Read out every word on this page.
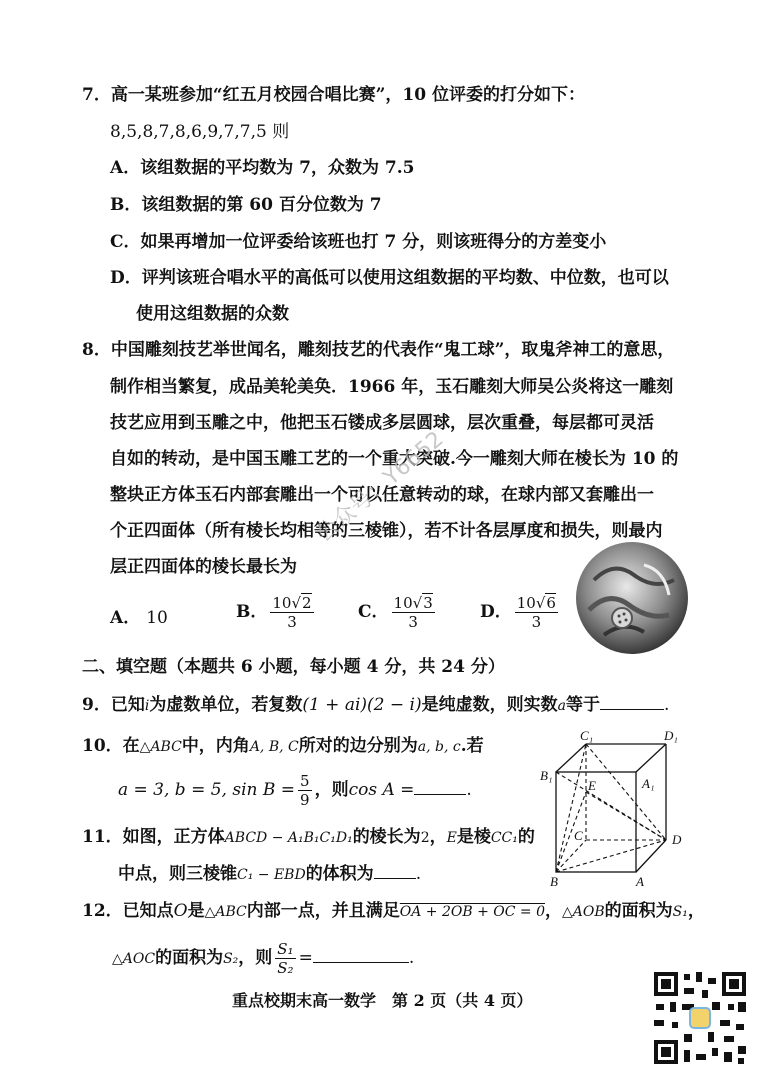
7．高一某班参加“红五月校园合唱比赛”，10 位评委的打分如下：
8,5,8,7,8,6,9,7,7,5 则
A．该组数据的平均数为 7，众数为 7.5
B．该组数据的第 60 百分位数为 7
C．如果再增加一位评委给该班也打 7 分，则该班得分的方差变小
D．评判该班合唱水平的高低可以使用这组数据的平均数、中位数，也可以
使用这组数据的众数
8．中国雕刻技艺举世闻名，雕刻技艺的代表作“鬼工球”，取鬼斧神工的意思，
制作相当繁复，成品美轮美奂．1966 年，玉石雕刻大师吴公炎将这一雕刻
技艺应用到玉雕之中，他把玉石镂成多层圆球，层次重叠，每层都可灵活
自如的转动，是中国玉雕工艺的一个重大突破.今一雕刻大师在棱长为 10 的
整块正方体玉石内部套雕出一个可以任意转动的球，在球内部又套雕出一
个正四面体（所有棱长均相等的三棱锥），若不计各层厚度和损失，则最内
层正四面体的棱长最长为
A． 10	B． $\frac{10√2}{3}$	C． $\frac{10√3}{3}$	D． $\frac{10√6}{3}$
二、填空题（本题共 6 小题，每小题 4 分，共 24 分）
9．已知i为虚数单位，若复数(1 + ai)(2 − i)是纯虚数，则实数a等于	.
10．在△ABC中，内角A, B, C所对的边分别为a, b, c.若
a = 3, b = 5, $\sin B = \frac{5}{9}$ ，则cos A =	.
11．如图，正方体ABCD − A₁B₁C₁D₁的棱长为2，E是棱CC₁的
中点，则三棱锥C₁ − EBD的体积为 .
C₁	D₁
B₁
A₁
E
C	D
B	A
12．已知点O是△ABC内部一点，并且满足OA + 2OB + OC = 0，△AOB的面积为S₁，
△AOC的面积为S₂，则 $\frac{\text{S₁}}{\text{S₂}}$ =	.
公众号：Y6652
重点校期末高一数学　第 2 页（共 4 页）
